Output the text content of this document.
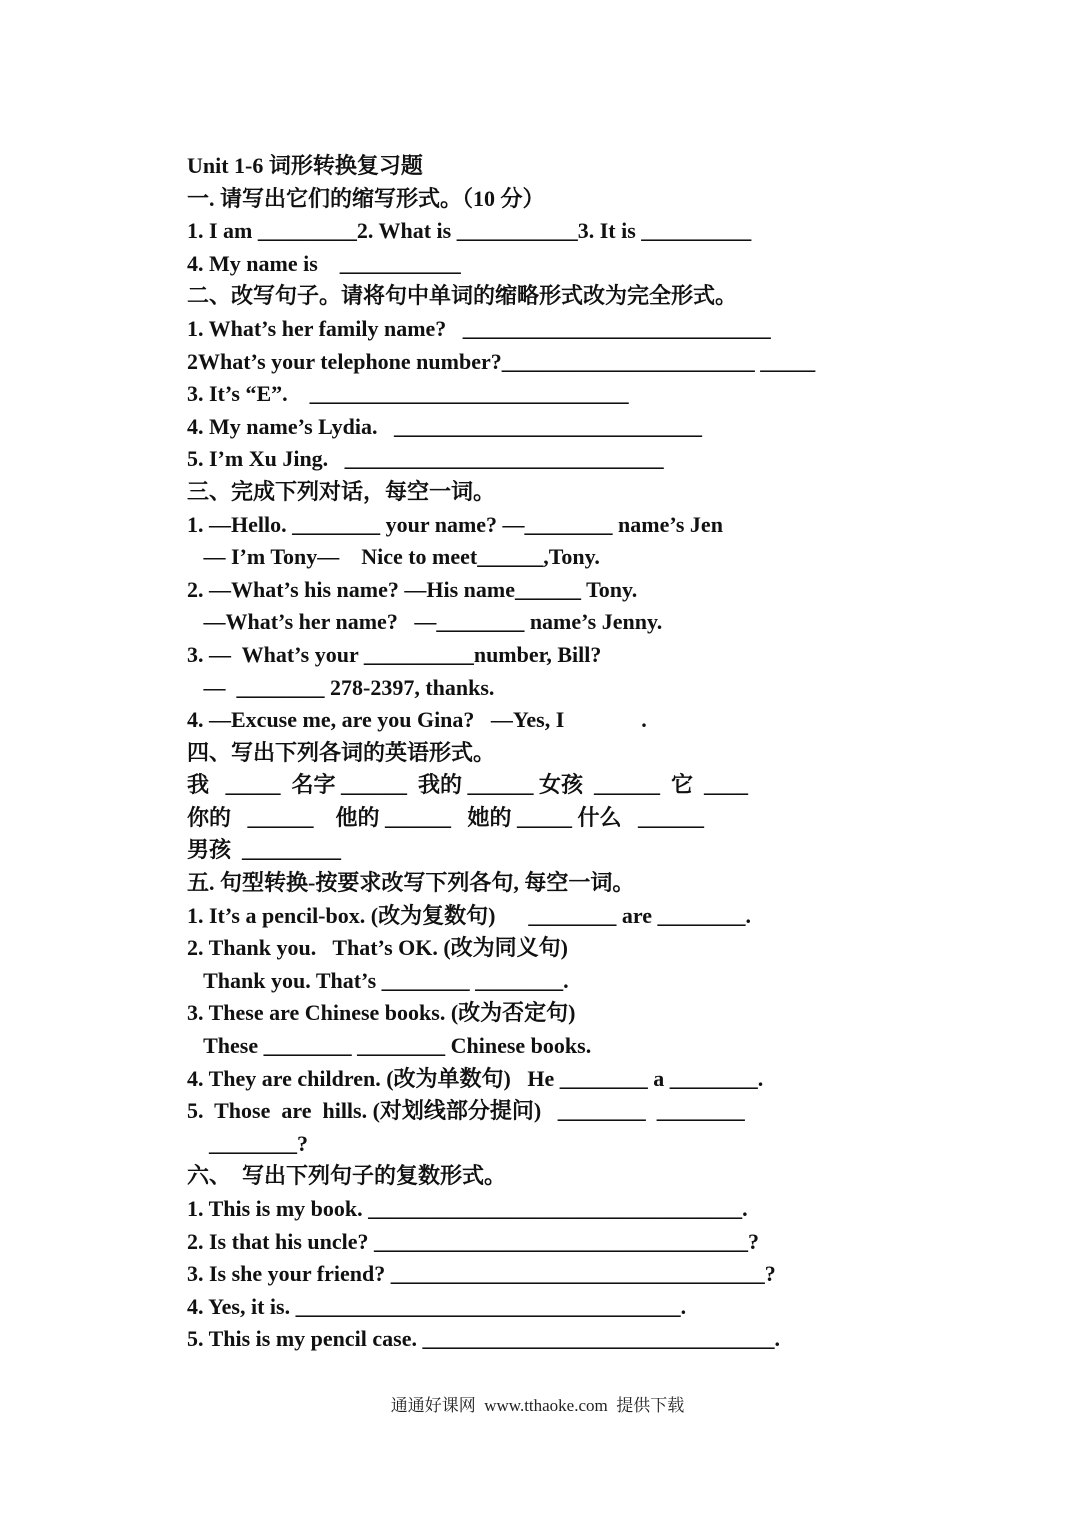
Unit 1-6 词形转换复习题
一. 请写出它们的缩写形式。（10 分）
1. I am _________2. What is ___________3. It is __________
4. My name is    ___________
二、改写句子。请将句中单词的缩略形式改为完全形式。
1. What’s her family name?   ____________________________
2What’s your telephone number?_______________________ _____
3. It’s “E”.    _____________________________
4. My name’s Lydia.   ____________________________
5. I’m Xu Jing.   _____________________________
三、完成下列对话，每空一词。
1. —Hello. ________ your name? —________ name’s Jen
— I’m Tony—    Nice to meet______,Tony.
2. —What’s his name? —His name______ Tony.
—What’s her name?   —________ name’s Jenny.
3. —  What’s your __________number, Bill?
—  ________ 278-2397, thanks.
4. —Excuse me, are you Gina?   —Yes, I              .
四、写出下列各词的英语形式。
我   _____  名字 ______  我的 ______ 女孩  ______  它  ____
你的   ______    他的 ______   她的 _____ 什么   ______
男孩  _________
五. 句型转换-按要求改写下列各句, 每空一词。
1. It’s a pencil-box. (改为复数句)      ________ are ________.
2. Thank you.   That’s OK. (改为同义句)
Thank you. That’s ________ ________.
3. These are Chinese books. (改为否定句)
These ________ ________ Chinese books.
4. They are children. (改为单数句)   He ________ a ________.
5.  Those  are  hills. (对划线部分提问)   ________  ________
________?
六、  写出下列句子的复数形式。
1. This is my book. __________________________________.
2. Is that his uncle? __________________________________?
3. Is she your friend? __________________________________?
4. Yes, it is. ___________________________________.
5. This is my pencil case. ________________________________.
通通好课网  www.tthaoke.com  提供下载
